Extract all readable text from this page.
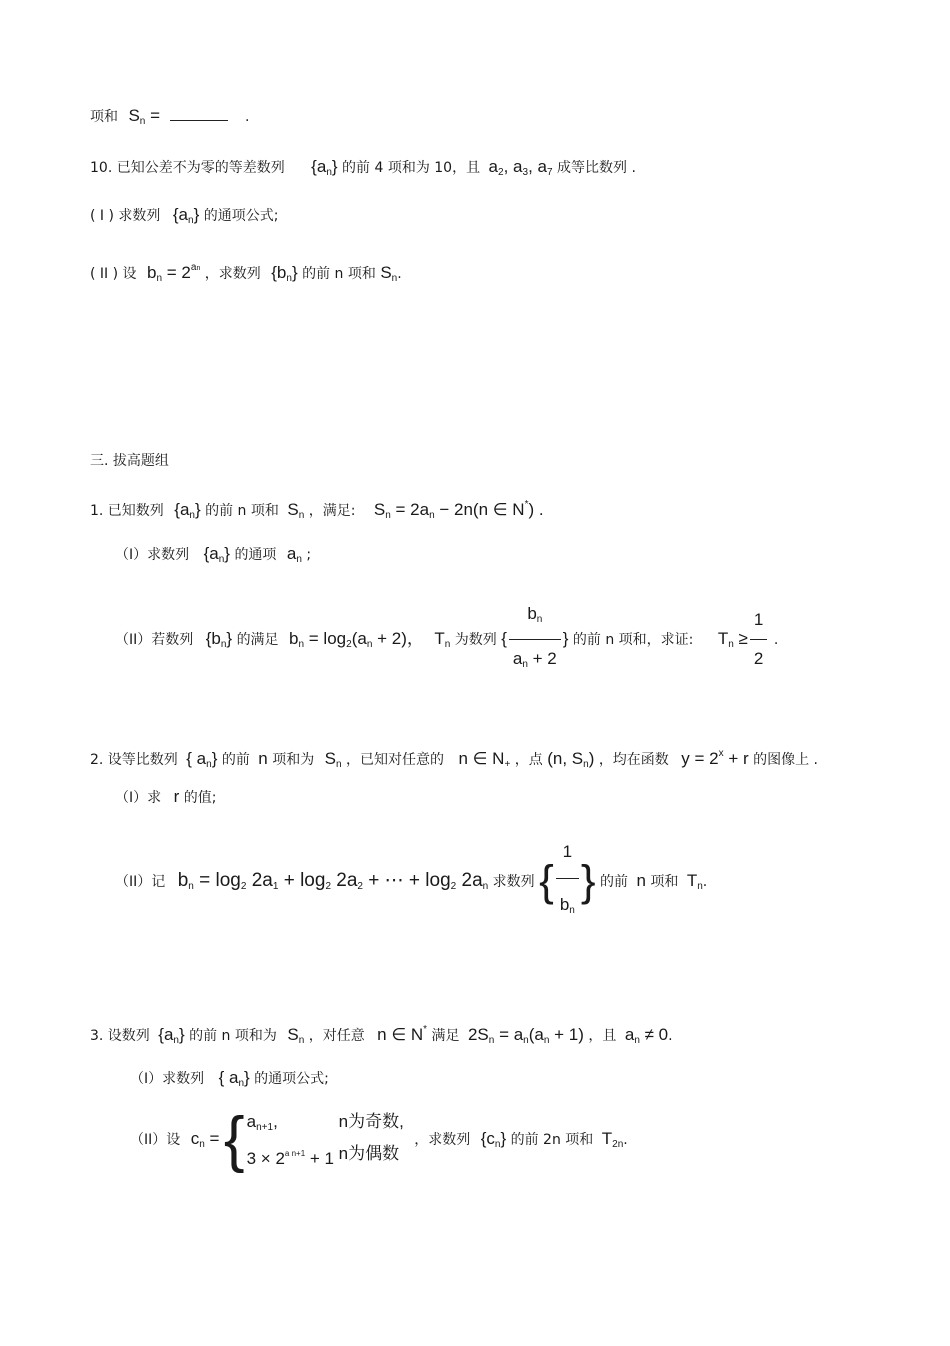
项和 $S_n$ =	.
10. 已知公差不为零的等差数列 $\{a_n\}$ 的前 4 项和为 10，且 $a_2$, $a_3$, $a_7$ 成等比数列 .
( I ) 求数列 $\{a_n\}$ 的通项公式;
( II ) 设 $b_n = 2^{an}$ ，求数列 $\{b_n\}$ 的前 n 项和 $S_n$.
三. 拔高题组
1. 已知数列 $\{a_n\}$ 的前 n 项和 $S_n$ ，满足: $S_n = 2a_n - 2n(n$ ∈ N*) .
（I）求数列 $\{a_n\}$ 的通项 $a_n$ ;
（II）若数列 $\{b_n\}$ 的满足 $b_n = \log_2(a_n + 2)$， $T_n$ 为数列 { $\frac{b_n}{a_n + 2}$ } 的前 n 项和，求证: $T_n \ge \frac{1}{2}$ .
2. 设等比数列 { $a_n$} 的前 n 项和为 $S_n$ ，已知对任意的 n ∈ $N_+$ ，点 (n, $S_n$) ，均在函数 $y = 2^x + r$ 的图像上 .
（I）求 r 的值;
（II）记 $b_n = \log_2 2a_1 + \log_2 2a_2$ + ⋯ + $\log_2 2a_n$ 求数列 { $\frac{1}{b_n}$ } 的前 n 项和 $T_n$.
3. 设数列 $\{a_n\}$ 的前 n 项和为 $S_n$ ，对任意 n ∈ N* 满足 $2S_n = a_n(a_n + 1)$ ，且 $a_n \ne 0$.
（I）求数列 { $a_n$} 的通项公式;
（II）设 $c_n$ = { $a_{n+1}$,	n为奇数,
$3 \times 2^{a n+1} + 1$ n为偶数
，求数列 $\{c_n\}$ 的前 2n 项和 $T_{2n}$.
